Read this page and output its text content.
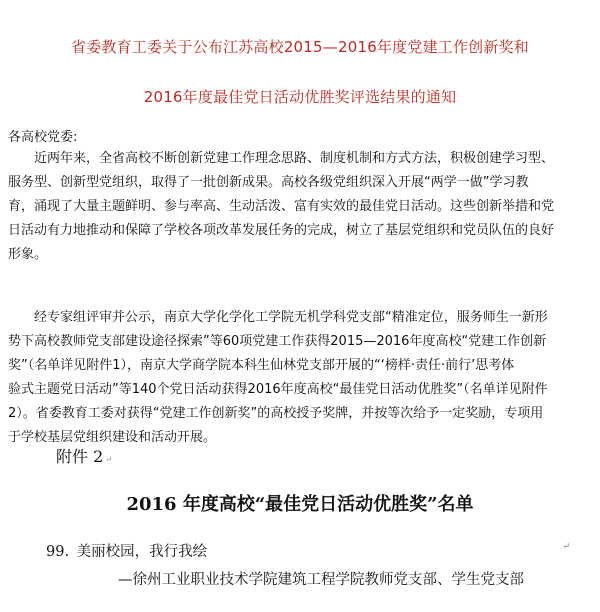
省委教育工委关于公布江苏高校2015—2016年度党建工作创新奖和
2016年度最佳党日活动优胜奖评选结果的通知
各高校党委:
近两年来，全省高校不断创新党建工作理念思路、制度机制和方式方法，积极创建学习型、
服务型、创新型党组织，取得了一批创新成果。高校各级党组织深入开展“两学一做”学习教
育，涌现了大量主题鲜明、参与率高、生动活泼、富有实效的最佳党日活动。这些创新举措和党
日活动有力地推动和保障了学校各项改革发展任务的完成，树立了基层党组织和党员队伍的良好
形象。
经专家组评审并公示，南京大学化学化工学院无机学科党支部“精准定位，服务师生一新形
势下高校教师党支部建设途径探索”等60项党建工作获得2015—2016年度高校“党建工作创新
奖”（名单详见附件1），南京大学商学院本科生仙林党支部开展的“‘榜样·责任·前行’思考体
验式主题党日活动”等140个党日活动获得2016年度高校“最佳党日活动优胜奖”（名单详见附件
2）。省委教育工委对获得“党建工作创新奖”的高校授予奖牌，并按等次给予一定奖励，专项用
于学校基层党组织建设和活动开展。
附件 2 ↵
2016 年度高校“最佳党日活动优胜奖”名单
99. 美丽校园，我行我绘	↵
—徐州工业职业技术学院建筑工程学院教师党支部、学生党支部
